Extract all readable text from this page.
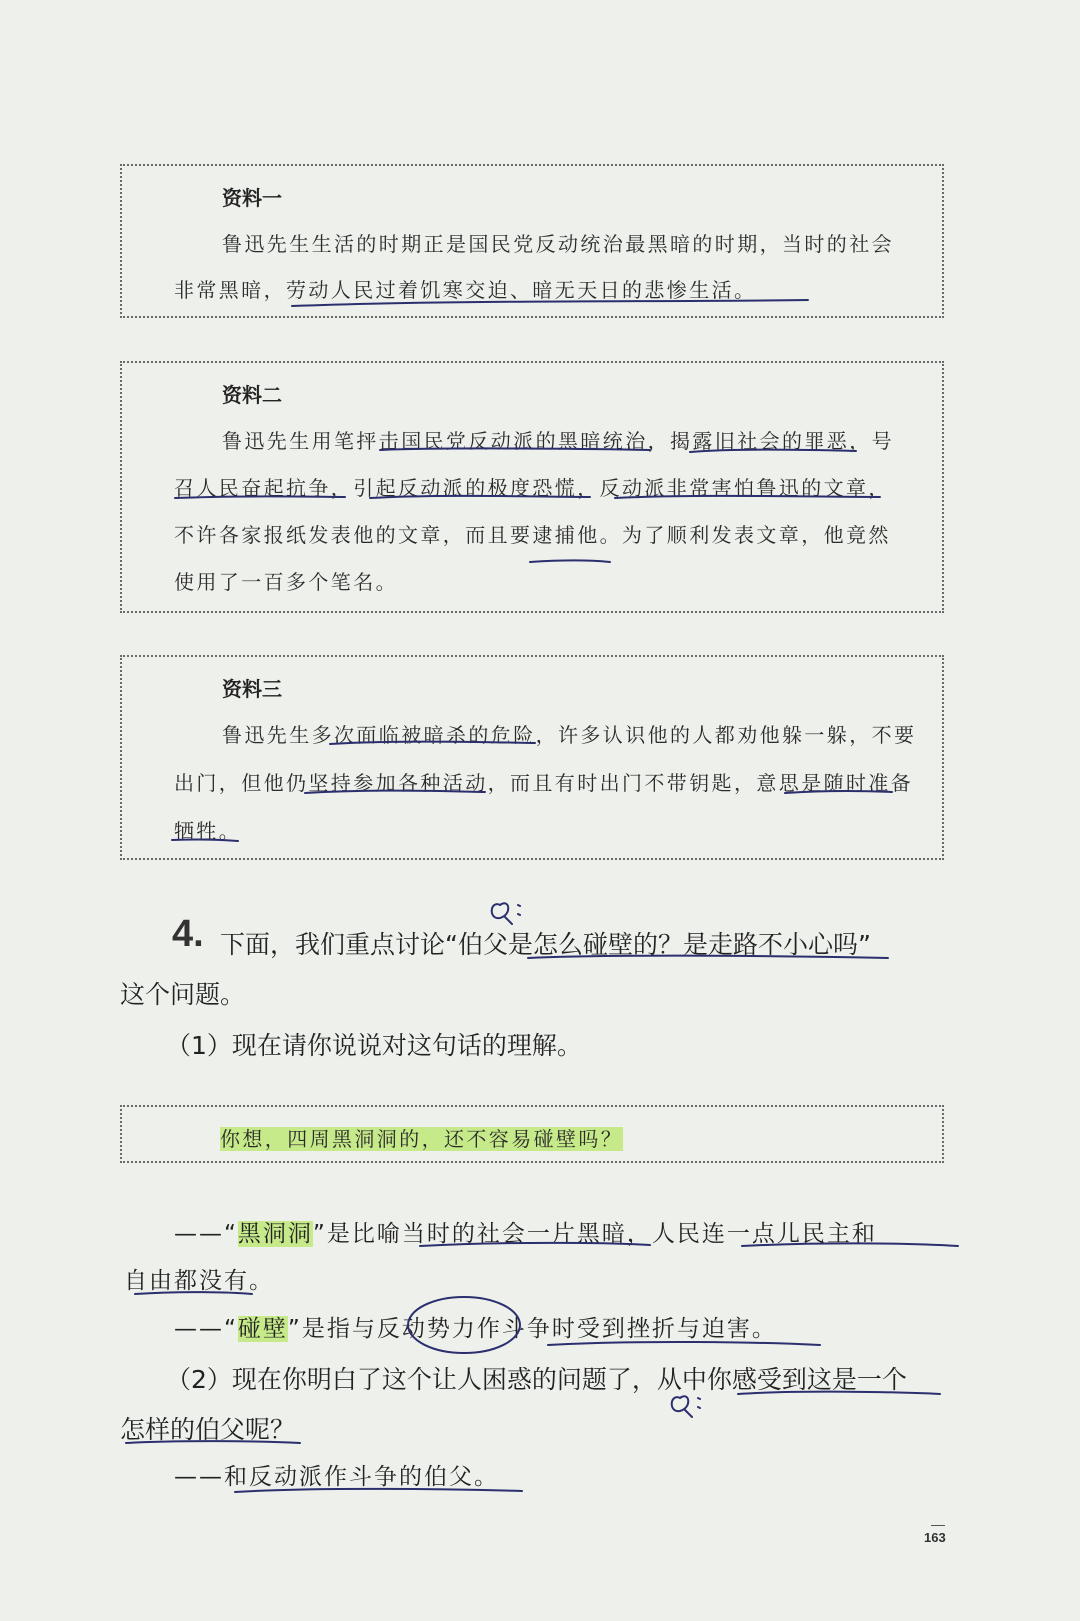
资料一
鲁迅先生生活的时期正是国民党反动统治最黑暗的时期，当时的社会
非常黑暗，劳动人民过着饥寒交迫、暗无天日的悲惨生活。
资料二
鲁迅先生用笔抨击国民党反动派的黑暗统治，揭露旧社会的罪恶，号
召人民奋起抗争，引起反动派的极度恐慌，反动派非常害怕鲁迅的文章，
不许各家报纸发表他的文章，而且要逮捕他。为了顺利发表文章，他竟然
使用了一百多个笔名。
资料三
鲁迅先生多次面临被暗杀的危险，许多认识他的人都劝他躲一躲，不要
出门，但他仍坚持参加各种活动，而且有时出门不带钥匙，意思是随时准备
牺牲。
4. 下面，我们重点讨论“伯父是怎么碰壁的？是走路不小心吗”
这个问题。
（1）现在请你说说对这句话的理解。
你想，四周黑洞洞的，还不容易碰壁吗？
——“黑洞洞”是比喻当时的社会一片黑暗，人民连一点儿民主和
自由都没有。
——“碰壁”是指与反动势力作斗争时受到挫折与迫害。
（2）现在你明白了这个让人困惑的问题了，从中你感受到这是一个
怎样的伯父呢？
——和反动派作斗争的伯父。
163
